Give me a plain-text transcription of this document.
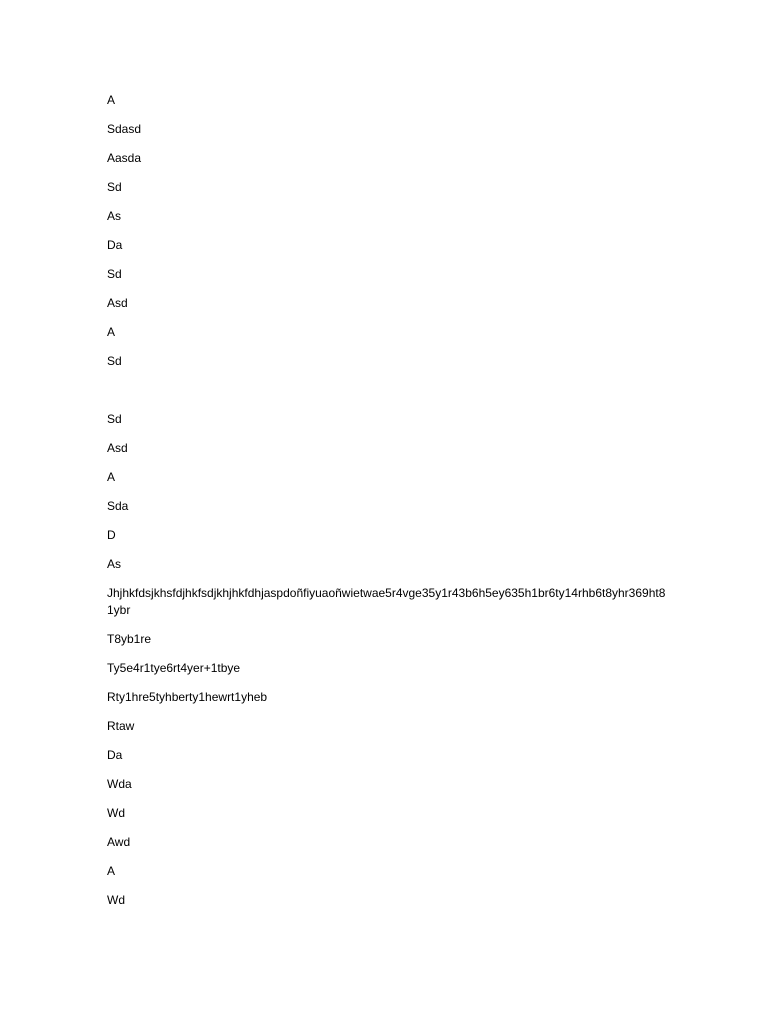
A

Sdasd

Aasda

Sd

As

Da

Sd

Asd

A

Sd

Sd

Asd

A

Sda

D

As

Jhjhkfdsjkhsfdjhkfsdjkhjhkfdhjaspdoñfiyuaoñwietwae5r4vge35y1r43b6h5ey635h1br6ty14rhb6t8yhr369ht81ybr

T8yb1re

Ty5e4r1tye6rt4yer+1tbye

Rty1hre5tyhberty1hewrt1yheb

Rtaw

Da

Wda

Wd

Awd

A

Wd
